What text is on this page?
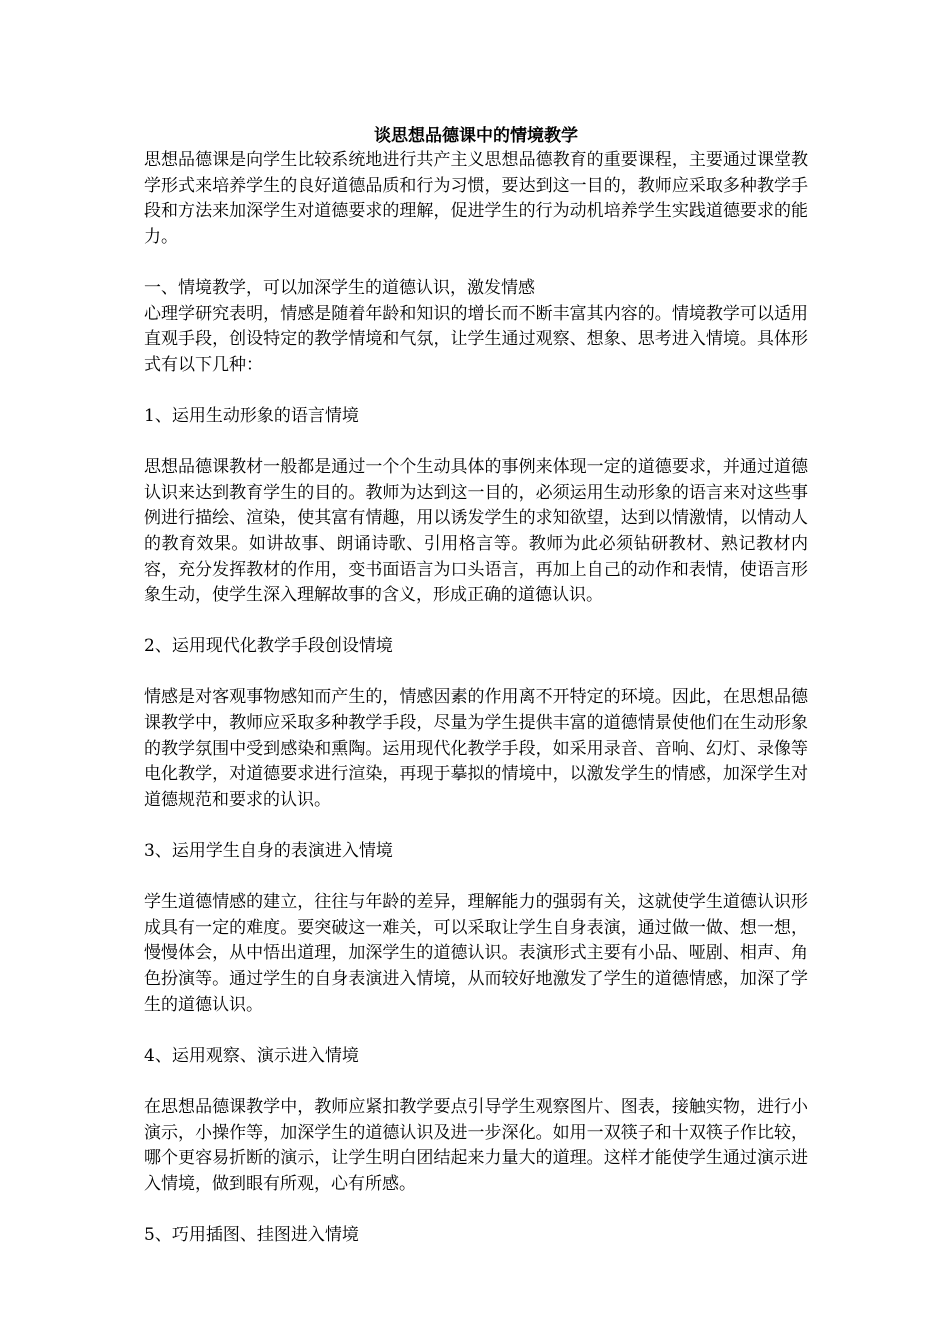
谈思想品德课中的情境教学

思想品德课是向学生比较系统地进行共产主义思想品德教育的重要课程，主要通过课堂教学形式来培养学生的良好道德品质和行为习惯，要达到这一目的，教师应采取多种教学手段和方法来加深学生对道德要求的理解，促进学生的行为动机培养学生实践道德要求的能力。

一、情境教学，可以加深学生的道德认识，激发情感

心理学研究表明，情感是随着年龄和知识的增长而不断丰富其内容的。情境教学可以适用直观手段，创设特定的教学情境和气氛，让学生通过观察、想象、思考进入情境。具体形式有以下几种：

1、运用生动形象的语言情境

思想品德课教材一般都是通过一个个生动具体的事例来体现一定的道德要求，并通过道德认识来达到教育学生的目的。教师为达到这一目的，必须运用生动形象的语言来对这些事例进行描绘、渲染，使其富有情趣，用以诱发学生的求知欲望，达到以情激情，以情动人的教育效果。如讲故事、朗诵诗歌、引用格言等。教师为此必须钻研教材、熟记教材内容，充分发挥教材的作用，变书面语言为口头语言，再加上自己的动作和表情，使语言形象生动，使学生深入理解故事的含义，形成正确的道德认识。

2、运用现代化教学手段创设情境

情感是对客观事物感知而产生的，情感因素的作用离不开特定的环境。因此，在思想品德课教学中，教师应采取多种教学手段，尽量为学生提供丰富的道德情景使他们在生动形象的教学氛围中受到感染和熏陶。运用现代化教学手段，如采用录音、音响、幻灯、录像等电化教学，对道德要求进行渲染，再现于摹拟的情境中，以激发学生的情感，加深学生对道德规范和要求的认识。

3、运用学生自身的表演进入情境

学生道德情感的建立，往往与年龄的差异，理解能力的强弱有关，这就使学生道德认识形成具有一定的难度。要突破这一难关，可以采取让学生自身表演，通过做一做、想一想，慢慢体会，从中悟出道理，加深学生的道德认识。表演形式主要有小品、哑剧、相声、角色扮演等。通过学生的自身表演进入情境，从而较好地激发了学生的道德情感，加深了学生的道德认识。

4、运用观察、演示进入情境

在思想品德课教学中，教师应紧扣教学要点引导学生观察图片、图表，接触实物，进行小演示，小操作等，加深学生的道德认识及进一步深化。如用一双筷子和十双筷子作比较，哪个更容易折断的演示，让学生明白团结起来力量大的道理。这样才能使学生通过演示进入情境，做到眼有所观，心有所感。

5、巧用插图、挂图进入情境
